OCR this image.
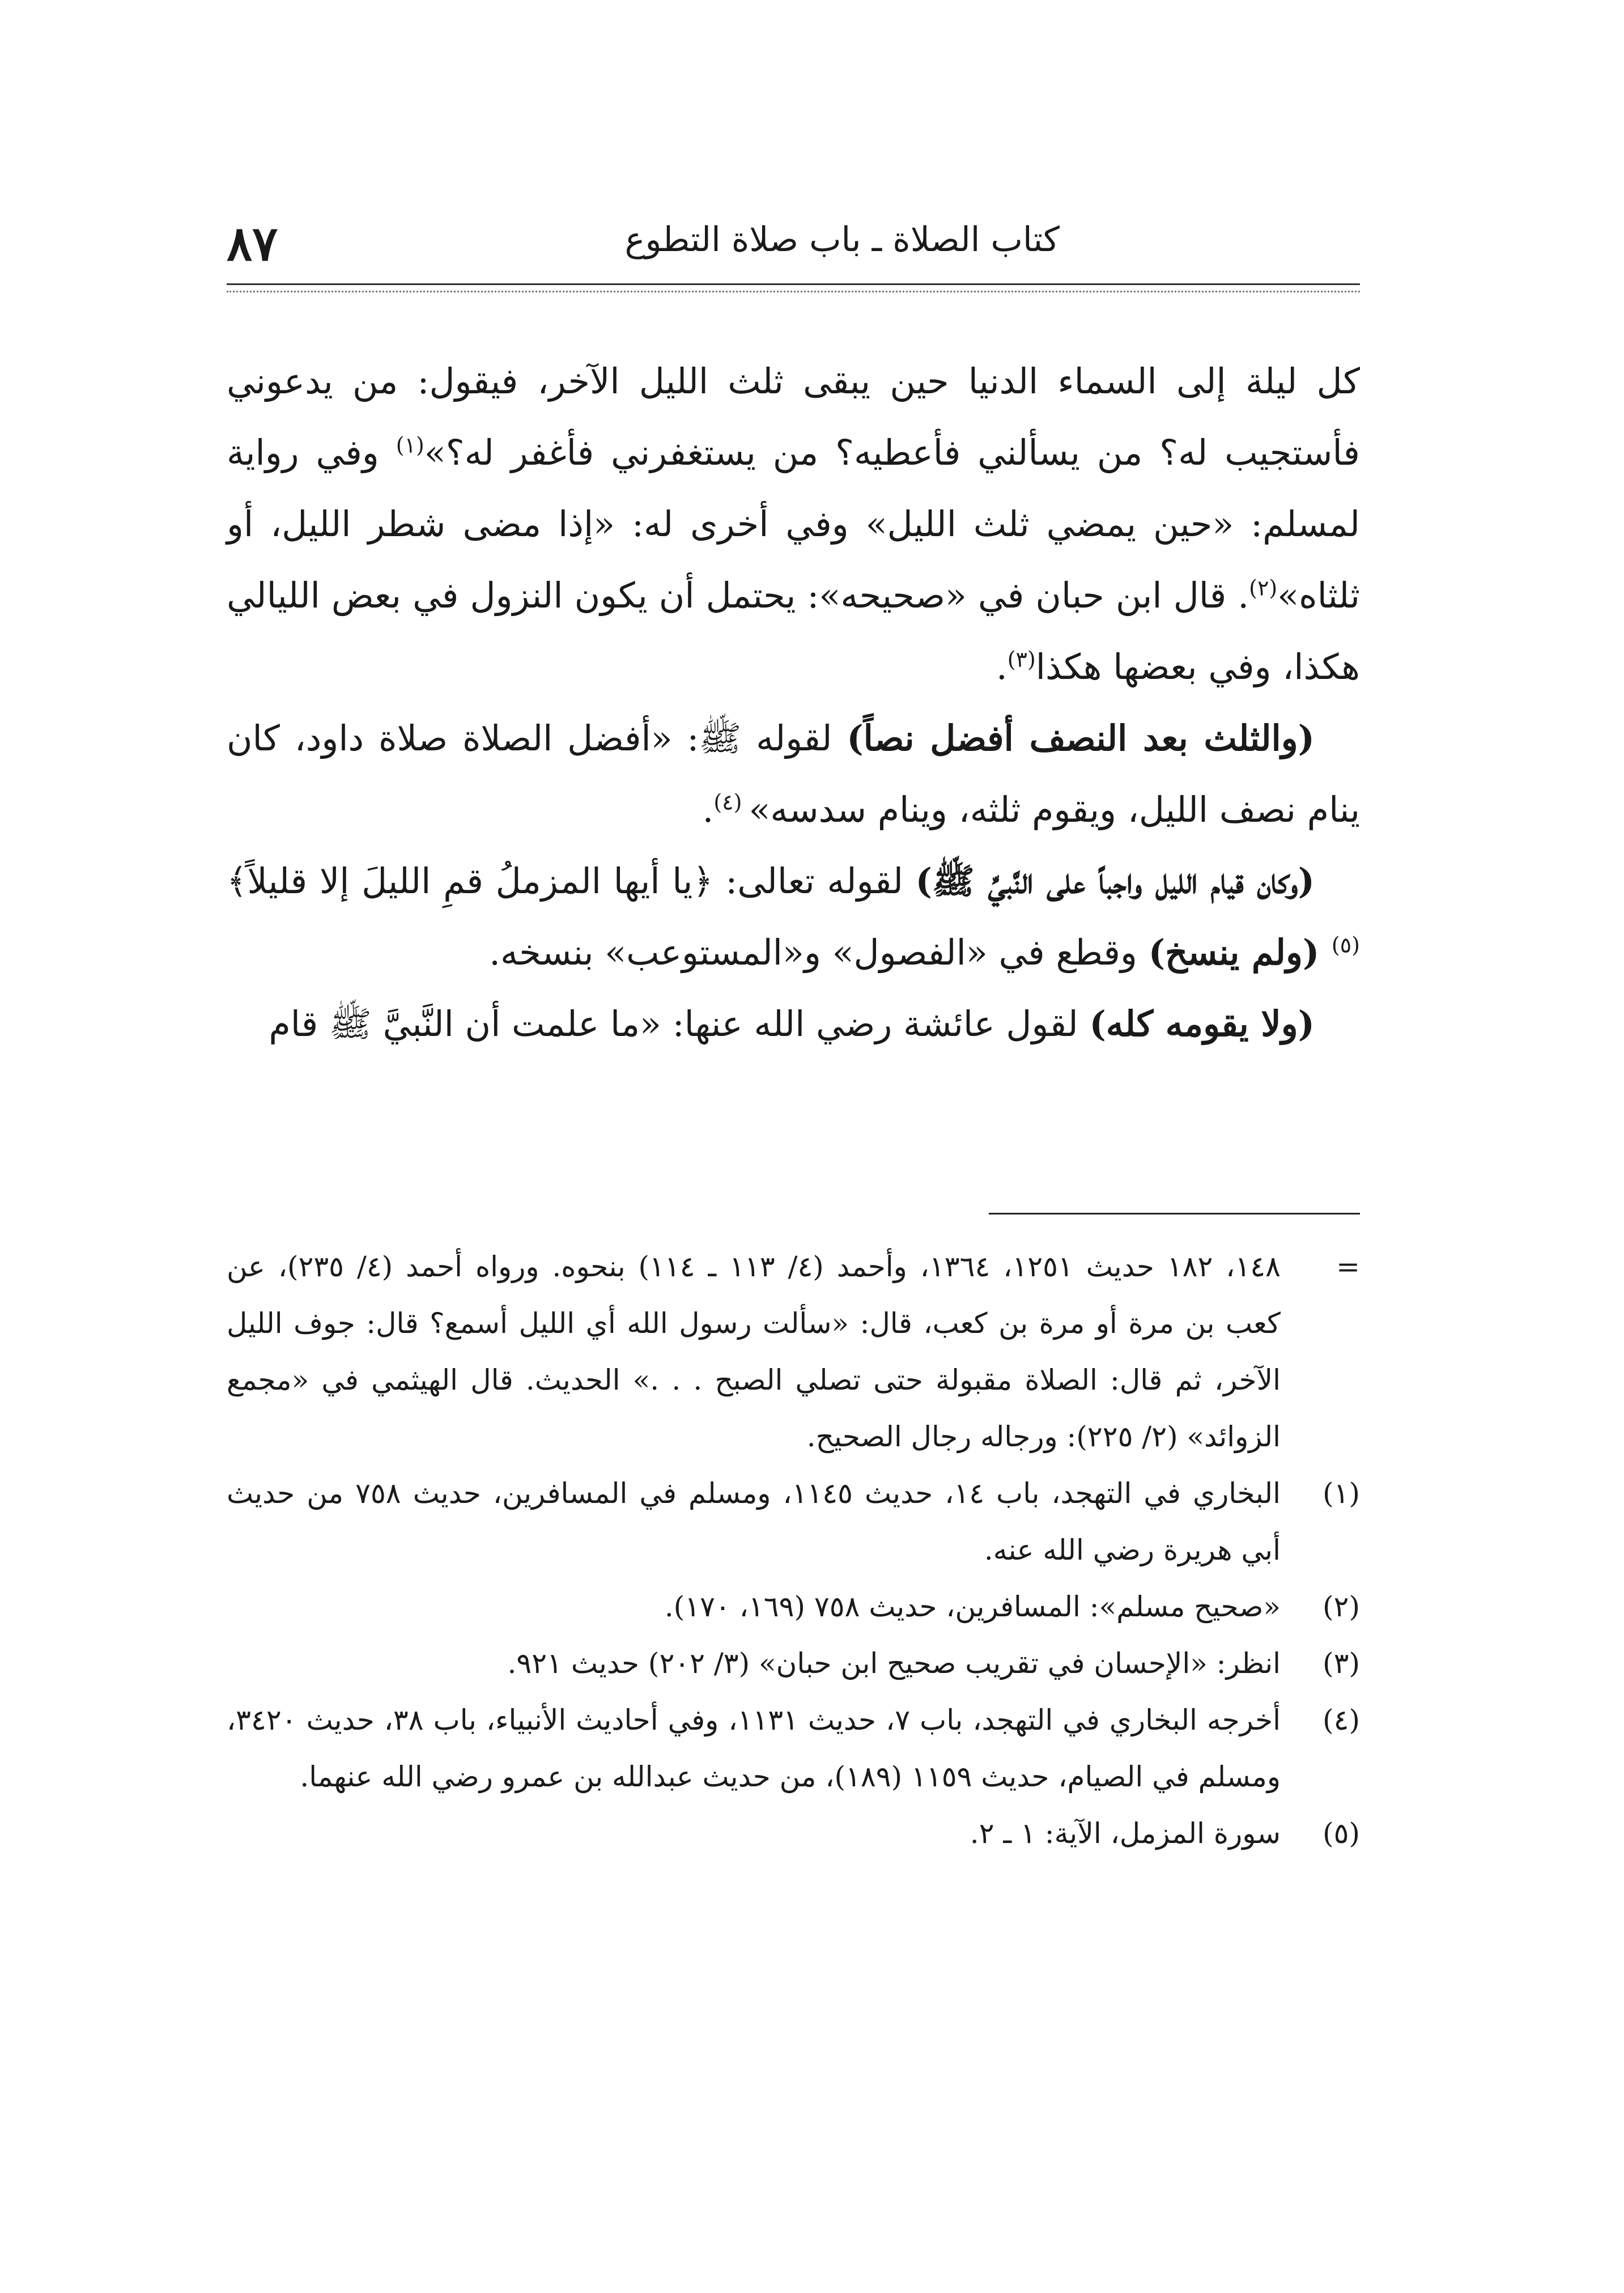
٨٧	كتاب الصلاة ـ باب صلاة التطوع

كل ليلة إلى السماء الدنيا حين يبقى ثلث الليل الآخر، فيقول: من يدعوني فأستجيب له؟ من يسألني فأعطيه؟ من يستغفرني فأغفر له؟»$^{(١)}$ وفي رواية لمسلم: «حين يمضي ثلث الليل» وفي أخرى له: «إذا مضى شطر الليل، أو ثلثاه»$^{(٢)}$. قال ابن حبان في «صحيحه»: يحتمل أن يكون النزول في بعض الليالي هكذا، وفي بعضها هكذا$^{(٣)}$.

(والثلث بعد النصف أفضل نصاً) لقوله ﷺ: «أفضل الصلاة صلاة داود، كان ينام نصف الليل، ويقوم ثلثه، وينام سدسه» $^{(٤)}$.

(وكان قيام الليل واجباً على النَّبيِّ ﷺ) لقوله تعالى: ﴿يا أيها المزملُ قمِ الليلَ إلا قليلاً﴾$^{(٥)}$ (ولم ينسخ) وقطع في «الفصول» و«المستوعب» بنسخه.

(ولا يقومه كله) لقول عائشة رضي الله عنها: «ما علمت أن النَّبيَّ ﷺ قام

=
١٤٨، ١٨٢ حديث ١٢٥١، ١٣٦٤، وأحمد (٤/ ١١٣ ـ ١١٤) بنحوه. ورواه أحمد (٤/ ٢٣٥)، عن كعب بن مرة أو مرة بن كعب، قال: «سألت رسول الله أي الليل أسمع؟ قال: جوف الليل الآخر، ثم قال: الصلاة مقبولة حتى تصلي الصبح . . .» الحديث. قال الهيثمي في «مجمع الزوائد» (٢/ ٢٢٥): ورجاله رجال الصحيح.

(١)
البخاري في التهجد، باب ١٤، حديث ١١٤٥، ومسلم في المسافرين، حديث ٧٥٨ من حديث أبي هريرة رضي الله عنه.

(٢)
«صحيح مسلم»: المسافرين، حديث ٧٥٨ (١٦٩، ١٧٠).

(٣)
انظر: «الإحسان في تقريب صحيح ابن حبان» (٣/ ٢٠٢) حديث ٩٢١.

(٤)
أخرجه البخاري في التهجد، باب ٧، حديث ١١٣١، وفي أحاديث الأنبياء، باب ٣٨، حديث ٣٤٢٠، ومسلم في الصيام، حديث ١١٥٩ (١٨٩)، من حديث عبدالله بن عمرو رضي الله عنهما.

(٥)
سورة المزمل، الآية: ١ ـ ٢.
